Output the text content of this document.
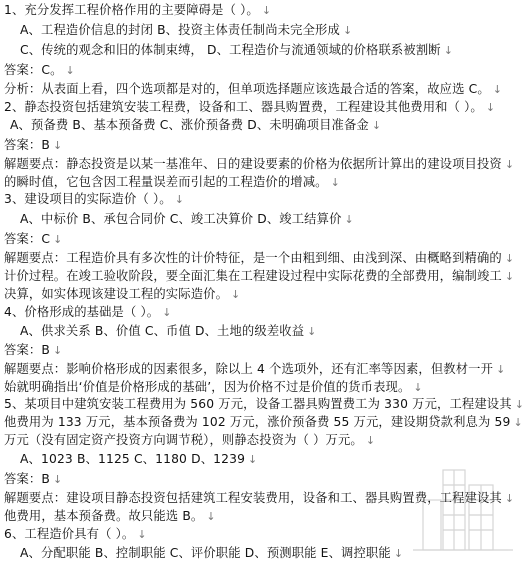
1、充分发挥工程价格作用的主要障碍是（ ）。 ↓
A、工程造价信息的封闭 B、投资主体责任制尚未完全形成 ↓
C、传统的观念和旧的体制束缚， D、工程造价与流通领域的价格联系被割断 ↓
答案：C。 ↓
分析：从表面上看，四个选项都是对的，但单项选择题应该选最合适的答案，故应选 C。 ↓
2、静态投资包括建筑安装工程费，设备和工、器具购置费，工程建设其他费用和（ ）。 ↓
A、预备费 B、基本预备费 C、涨价预备费 D、未明确项目准备金 ↓
答案：B ↓
解题要点：静态投资是以某一基准年、日的建设要素的价格为依据所计算出的建设项目投资 ↓
的瞬时值，它包含因工程量误差而引起的工程造价的增减。 ↓
3、建设项目的实际造价（ ）。 ↓
A、中标价 B、承包合同价 C、竣工决算价 D、竣工结算价 ↓
答案：C ↓
解题要点：工程造价具有多次性的计价特征，是一个由粗到细、由浅到深、由概略到精确的 ↓
计价过程。在竣工验收阶段，要全面汇集在工程建设过程中实际花费的全部费用，编制竣工 ↓
决算，如实体现该建设工程的实际造价。 ↓
4、价格形成的基础是（ ）。 ↓
A、供求关系 B、价值 C、币值 D、土地的级差收益 ↓
答案：B ↓
解题要点：影响价格形成的因素很多，除以上 4 个选项外，还有汇率等因素，但教材一开 ↓
始就明确指出‘价值是价格形成的基础’，因为价格不过是价值的货币表现。 ↓
5、某项目中建筑安装工程费用为 560 万元，设备工器具购置费工为 330 万元，工程建设其 ↓
他费用为 133 万元，基本预备费为 102 万元，涨价预备费 55 万元，建设期贷款利息为 59 ↓
万元（没有固定资产投资方向调节税），则静态投资为（ ）万元。 ↓
A、1023 B、1125 C、1180 D、1239 ↓
答案：B ↓
解题要点：建设项目静态投资包括建筑工程安装费用，设备和工、器具购置费，工程建设其 ↓
他费用，基本预备费。故只能选 B。 ↓
6、工程造价具有（ ）。 ↓
A、分配职能 B、控制职能 C、评价职能 D、预测职能 E、调控职能 ↓
